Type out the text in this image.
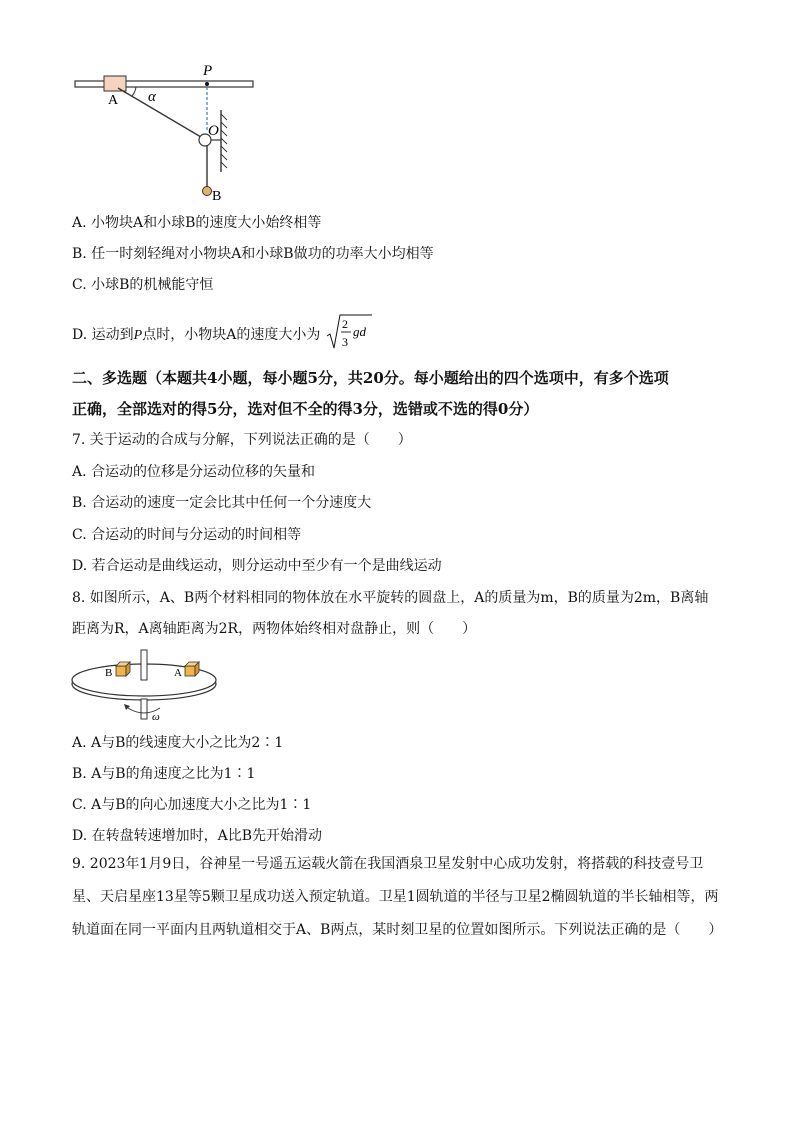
P
A α
O
B
A. 小物块A和小球B的速度大小始终相等
B. 任一时刻轻绳对小物块A和小球B做功的功率大小均相等
C. 小球B的机械能守恒
D. 运动到P点时，小物块A的速度大小为
2
3
gd
二、多选题（本题共4小题，每小题5分，共20分。每小题给出的四个选项中，有多个选项
正确，全部选对的得5分，选对但不全的得3分，选错或不选的得0分）
7. 关于运动的合成与分解，下列说法正确的是（　　）
A. 合运动的位移是分运动位移的矢量和
B. 合运动的速度一定会比其中任何一个分速度大
C. 合运动的时间与分运动的时间相等
D. 若合运动是曲线运动，则分运动中至少有一个是曲线运动
8. 如图所示，A、B两个材料相同的物体放在水平旋转的圆盘上，A的质量为m，B的质量为2m，B离轴
距离为R，A离轴距离为2R，两物体始终相对盘静止，则（　　）
B	A
ω
A. A与B的线速度大小之比为2∶1
B. A与B的角速度之比为1∶1
C. A与B的向心加速度大小之比为1∶1
D. 在转盘转速增加时，A比B先开始滑动
9. 2023年1月9日，谷神星一号遥五运载火箭在我国酒泉卫星发射中心成功发射，将搭载的科技壹号卫星、天启星座13星等5颗卫星成功送入预定轨道。卫星1圆轨道的半径与卫星2椭圆轨道的半长轴相等，两轨道面在同一平面内且两轨道相交于A、B两点，某时刻卫星的位置如图所示。下列说法正确的是（　　）
